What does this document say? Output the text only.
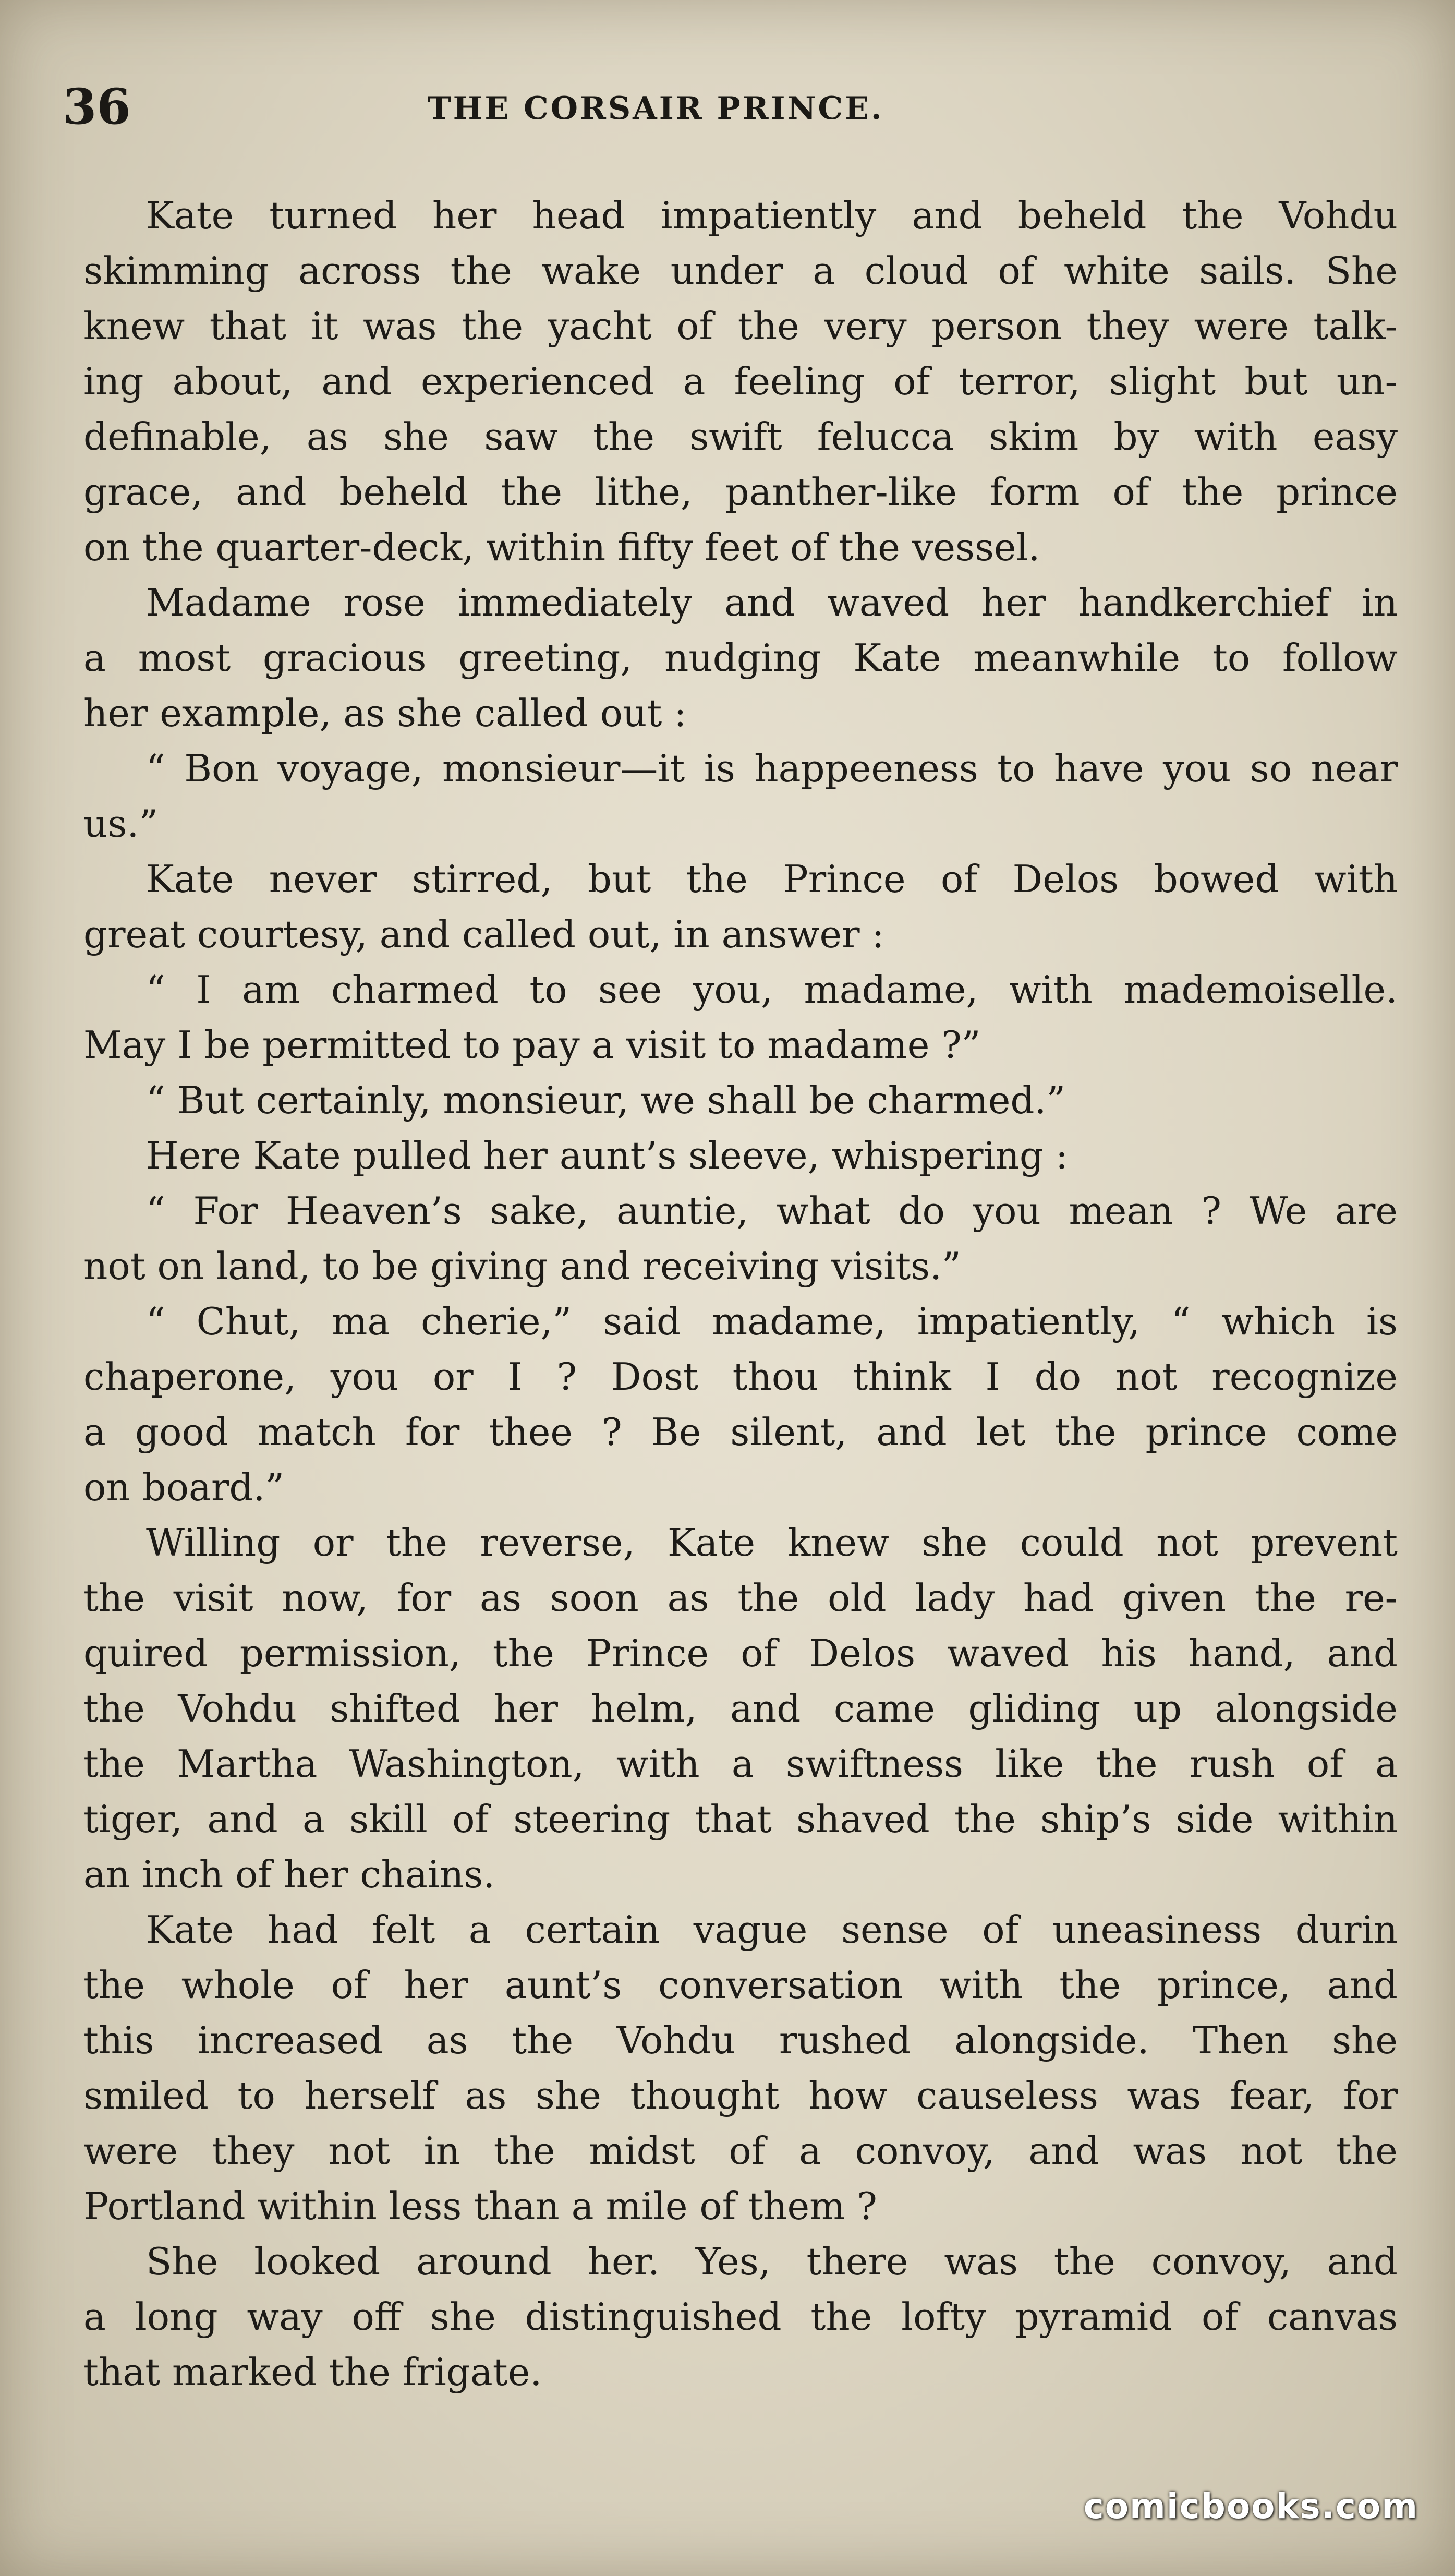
36	THE CORSAIR PRINCE.
Kate turned her head impatiently and beheld the Vohdu
skimming across the wake under a cloud of white sails. She
knew that it was the yacht of the very person they were talk-
ing about, and experienced a feeling of terror, slight but un-
definable, as she saw the swift felucca skim by with easy
grace, and beheld the lithe, panther-like form of the prince
on the quarter-deck, within fifty feet of the vessel.
Madame rose immediately and waved her handkerchief in
a most gracious greeting, nudging Kate meanwhile to follow
her example, as she called out :
“ Bon voyage, monsieur—it is happeeness to have you so near
us.”
Kate never stirred, but the Prince of Delos bowed with
great courtesy, and called out, in answer :
“ I am charmed to see you, madame, with mademoiselle.
May I be permitted to pay a visit to madame ?”
“ But certainly, monsieur, we shall be charmed.”
Here Kate pulled her aunt’s sleeve, whispering :
“ For Heaven’s sake, auntie, what do you mean ? We are
not on land, to be giving and receiving visits.”
“ Chut, ma cherie,” said madame, impatiently, “ which is
chaperone, you or I ? Dost thou think I do not recognize
a good match for thee ? Be silent, and let the prince come
on board.”
Willing or the reverse, Kate knew she could not prevent
the visit now, for as soon as the old lady had given the re-
quired permission, the Prince of Delos waved his hand, and
the Vohdu shifted her helm, and came gliding up alongside
the Martha Washington, with a swiftness like the rush of a
tiger, and a skill of steering that shaved the ship’s side within
an inch of her chains.
Kate had felt a certain vague sense of uneasiness durin
the whole of her aunt’s conversation with the prince, and
this increased as the Vohdu rushed alongside. Then she
smiled to herself as she thought how causeless was fear, for
were they not in the midst of a convoy, and was not the
Portland within less than a mile of them ?
She looked around her. Yes, there was the convoy, and
a long way off she distinguished the lofty pyramid of canvas
that marked the frigate.
comicbooks.com
